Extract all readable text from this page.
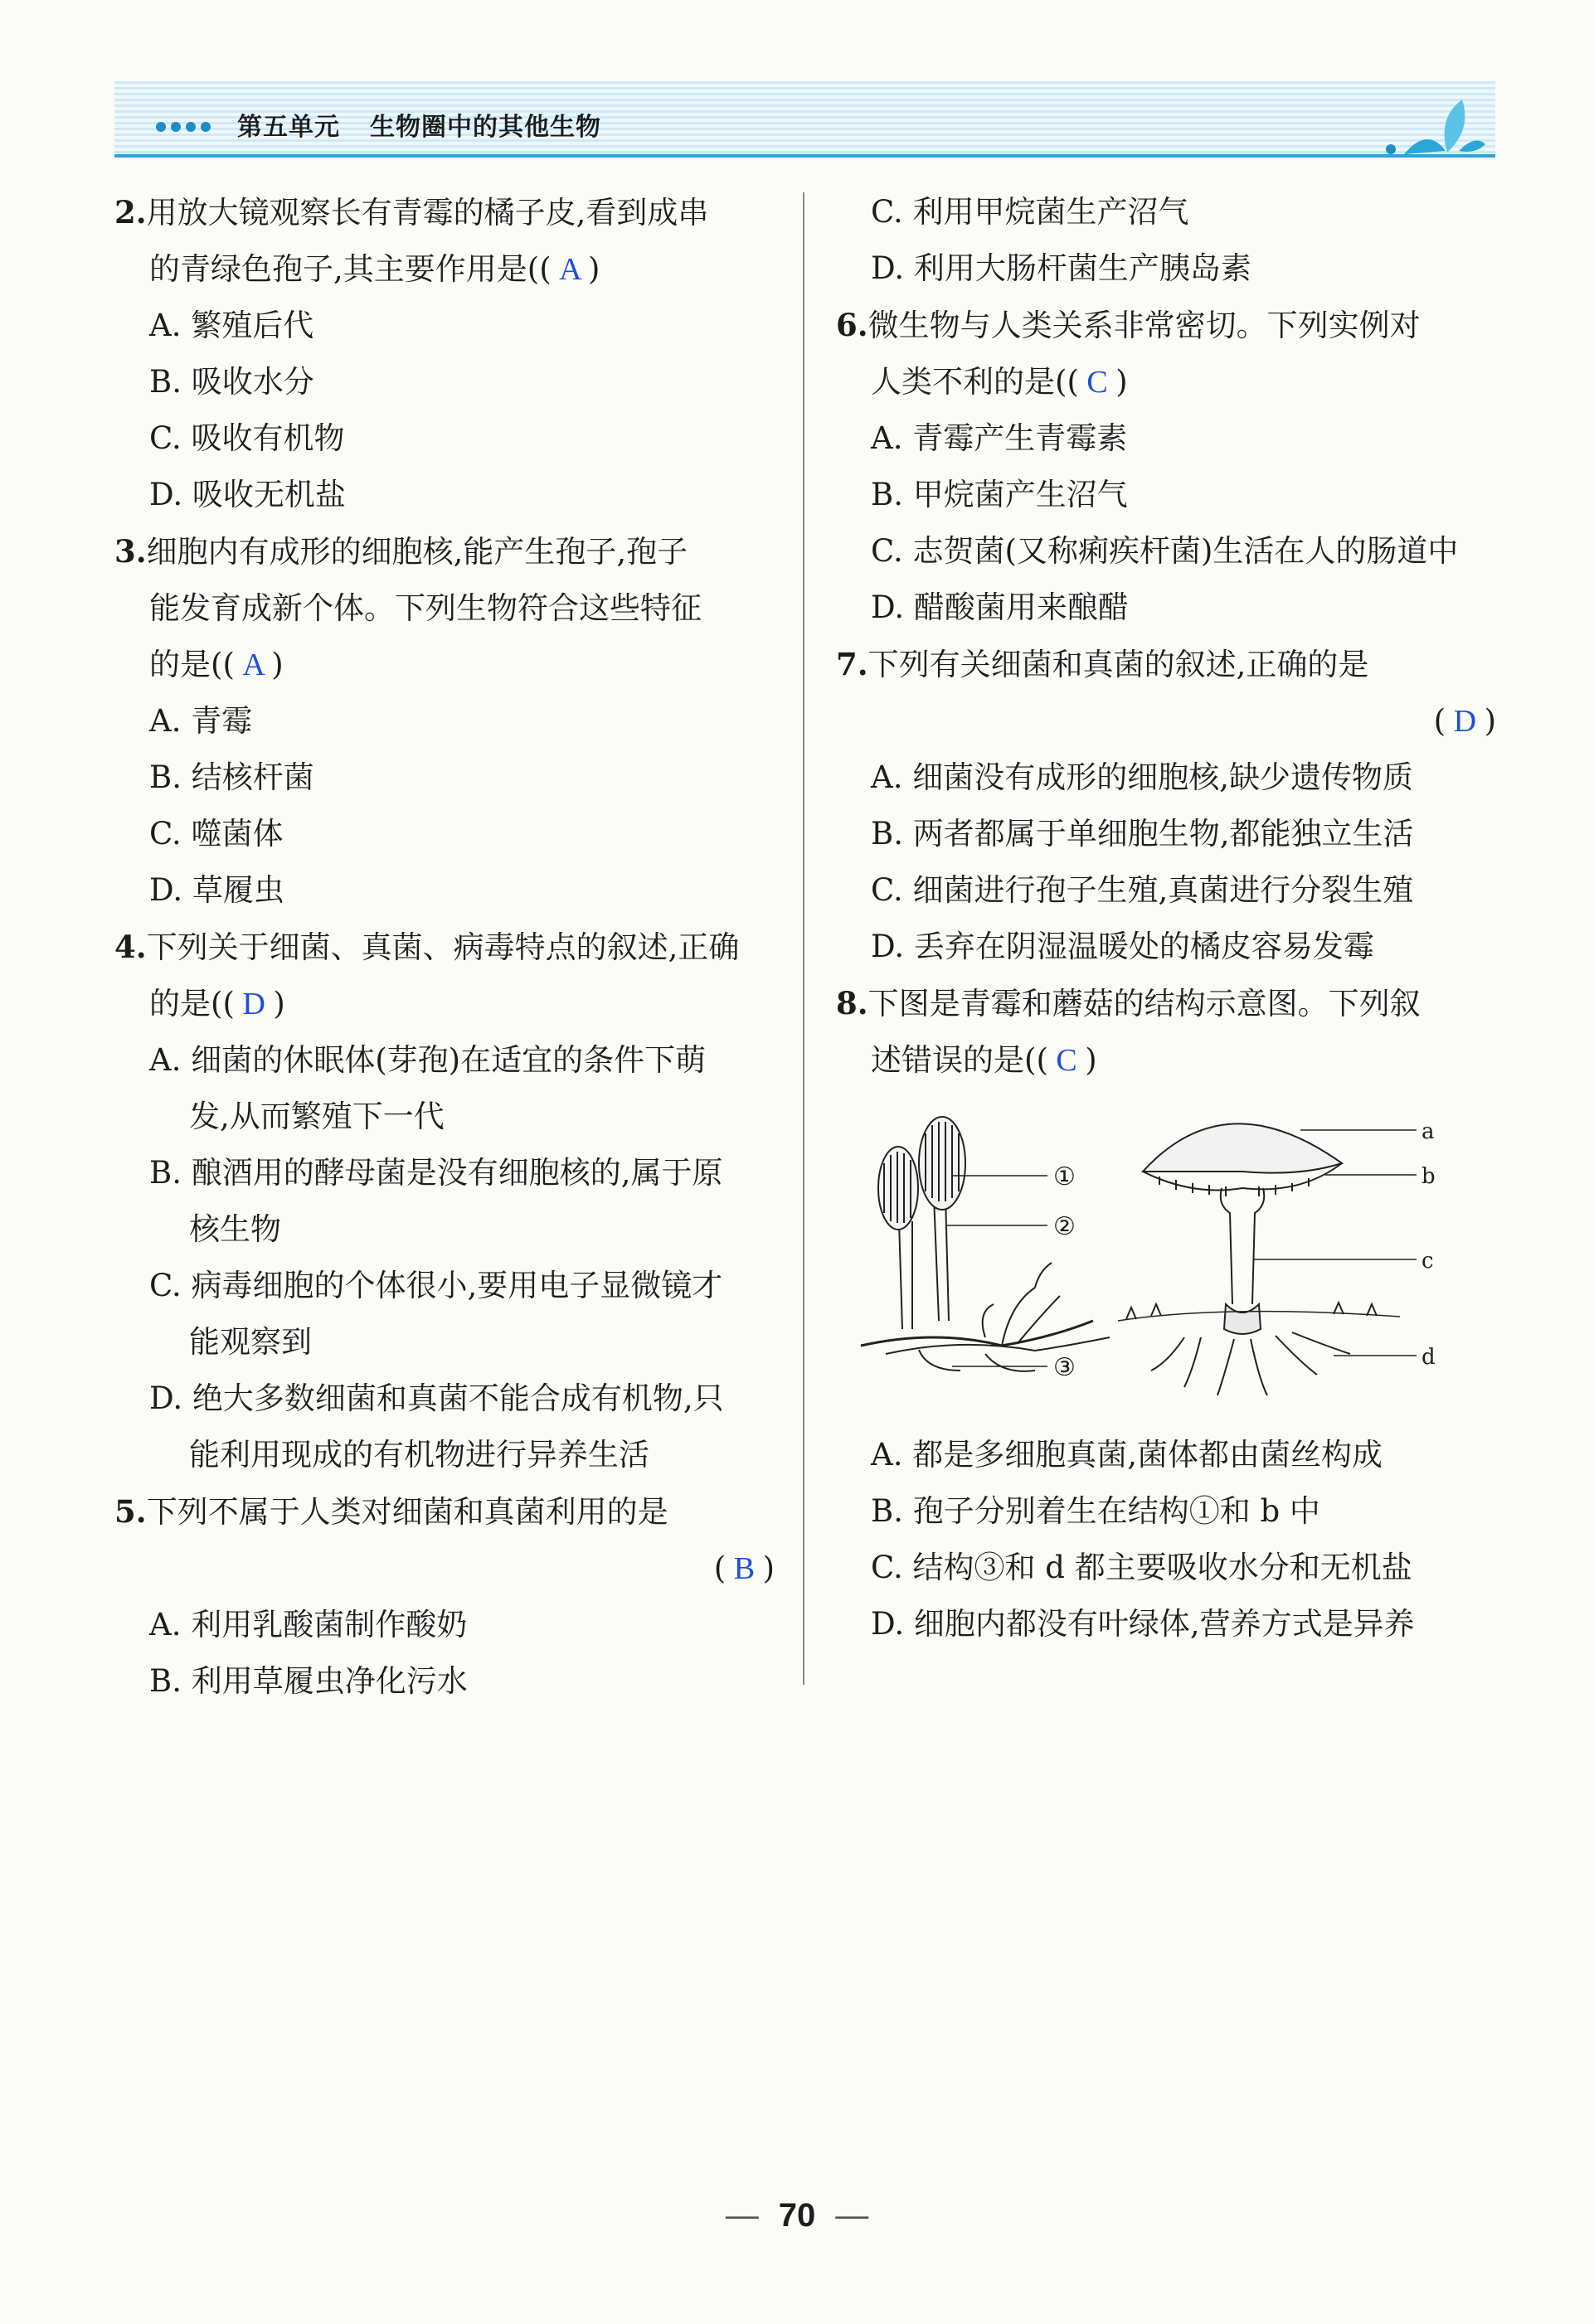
第五单元 生物圈中的其他生物
2.用放大镜观察长有青霉的橘子皮,看到成串
的青绿色孢子,其主要作用是(( A )
A. 繁殖后代
B. 吸收水分
C. 吸收有机物
D. 吸收无机盐
3.细胞内有成形的细胞核,能产生孢子,孢子
能发育成新个体。下列生物符合这些特征
的是(( A )
A. 青霉
B. 结核杆菌
C. 噬菌体
D. 草履虫
4.下列关于细菌、真菌、病毒特点的叙述,正确
的是(( D )
A. 细菌的休眠体(芽孢)在适宜的条件下萌
发,从而繁殖下一代
B. 酿酒用的酵母菌是没有细胞核的,属于原
核生物
C. 病毒细胞的个体很小,要用电子显微镜才
能观察到
D. 绝大多数细菌和真菌不能合成有机物,只
能利用现成的有机物进行异养生活
5.下列不属于人类对细菌和真菌利用的是
( B )
A. 利用乳酸菌制作酸奶
B. 利用草履虫净化污水
C. 利用甲烷菌生产沼气
D. 利用大肠杆菌生产胰岛素
6.微生物与人类关系非常密切。下列实例对
人类不利的是(( C )
A. 青霉产生青霉素
B. 甲烷菌产生沼气
C. 志贺菌(又称痢疾杆菌)生活在人的肠道中
D. 醋酸菌用来酿醋
7.下列有关细菌和真菌的叙述,正确的是
( D )
A. 细菌没有成形的细胞核,缺少遗传物质
B. 两者都属于单细胞生物,都能独立生活
C. 细菌进行孢子生殖,真菌进行分裂生殖
D. 丢弃在阴湿温暖处的橘皮容易发霉
8.下图是青霉和蘑菇的结构示意图。下列叙
述错误的是(( C )
①
②
③
a
b
c
d
A. 都是多细胞真菌,菌体都由菌丝构成
B. 孢子分别着生在结构①和 b 中
C. 结构③和 d 都主要吸收水分和无机盐
D. 细胞内都没有叶绿体,营养方式是异养
— 70 —
